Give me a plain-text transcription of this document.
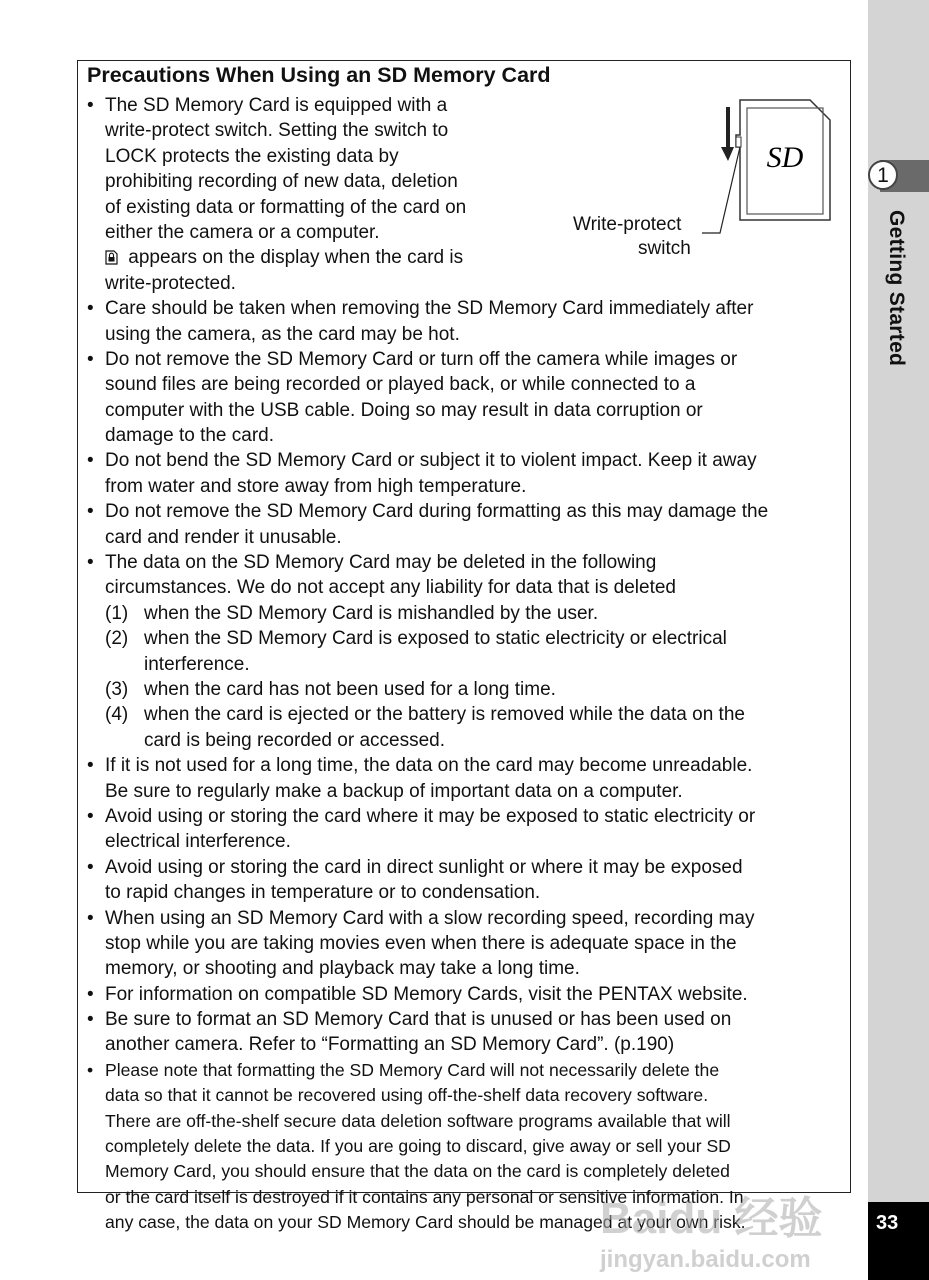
1
Getting Started
33
Precautions When Using an SD Memory Card
SD
Write-protect
switch
• The SD Memory Card is equipped with a
write-protect switch. Setting the switch to
LOCK protects the existing data by
prohibiting recording of new data, deletion
of existing data or formatting of the card on
either the camera or a computer.
appears on the display when the card is
write-protected.
• Care should be taken when removing the SD Memory Card immediately after
using the camera, as the card may be hot.
• Do not remove the SD Memory Card or turn off the camera while images or
sound files are being recorded or played back, or while connected to a
computer with the USB cable. Doing so may result in data corruption or
damage to the card.
• Do not bend the SD Memory Card or subject it to violent impact. Keep it away
from water and store away from high temperature.
• Do not remove the SD Memory Card during formatting as this may damage the
card and render it unusable.
• The data on the SD Memory Card may be deleted in the following
circumstances. We do not accept any liability for data that is deleted
(1) when the SD Memory Card is mishandled by the user.
(2) when the SD Memory Card is exposed to static electricity or electrical
interference.
(3) when the card has not been used for a long time.
(4) when the card is ejected or the battery is removed while the data on the
card is being recorded or accessed.
• If it is not used for a long time, the data on the card may become unreadable.
Be sure to regularly make a backup of important data on a computer.
• Avoid using or storing the card where it may be exposed to static electricity or
electrical interference.
• Avoid using or storing the card in direct sunlight or where it may be exposed
to rapid changes in temperature or to condensation.
• When using an SD Memory Card with a slow recording speed, recording may
stop while you are taking movies even when there is adequate space in the
memory, or shooting and playback may take a long time.
• For information on compatible SD Memory Cards, visit the PENTAX website.
• Be sure to format an SD Memory Card that is unused or has been used on
another camera. Refer to “Formatting an SD Memory Card”. (p.190)
• Please note that formatting the SD Memory Card will not necessarily delete the
data so that it cannot be recovered using off-the-shelf data recovery software.
There are off-the-shelf secure data deletion software programs available that will
completely delete the data. If you are going to discard, give away or sell your SD
Memory Card, you should ensure that the data on the card is completely deleted
or the card itself is destroyed if it contains any personal or sensitive information. In
any case, the data on your SD Memory Card should be managed at your own risk.
Baidu 经验
jingyan.baidu.com
